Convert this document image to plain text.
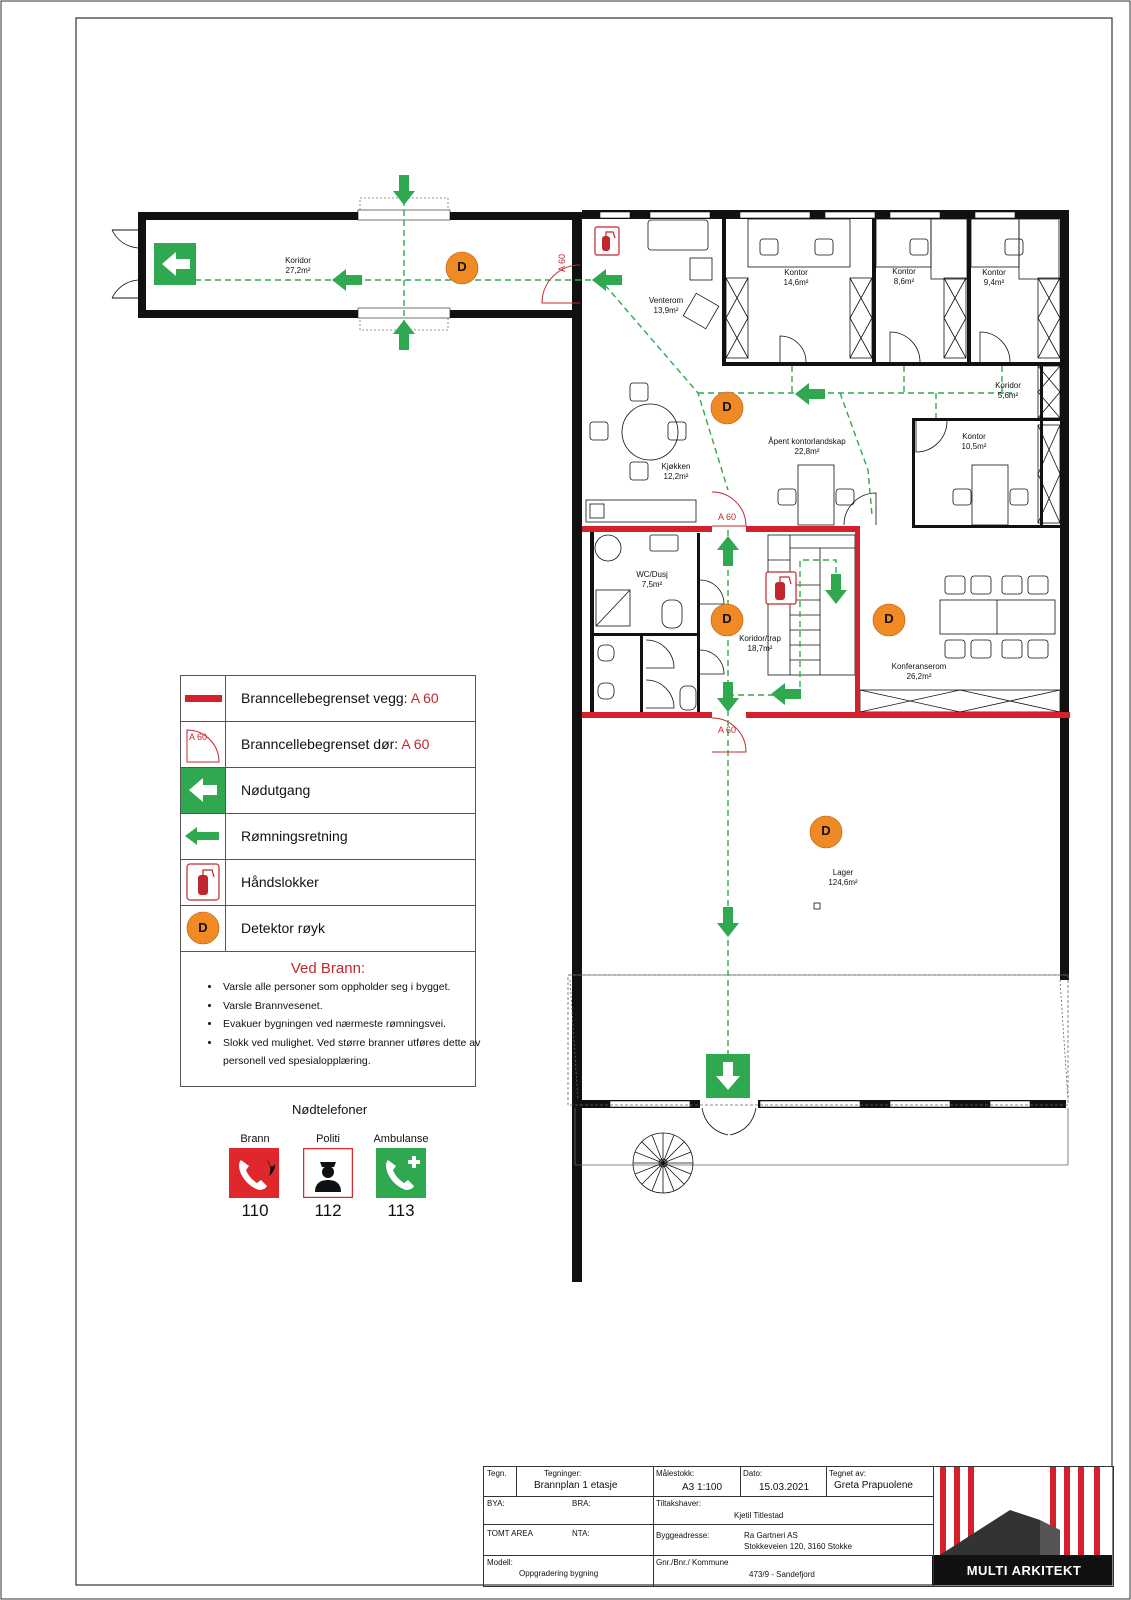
Koridor
27,2m²
Venterom
13,9m²
Kontor
14,6m²
Kontor
8,6m²
Kontor
9,4m²
Koridor
5,6m²
Åpent kontorlandskap
22,8m²
Kontor
10,5m²
Kjøkken
12,2m²
WC/Dusj
7,5m²
Koridor/trap
18,7m²
Konferanserom
26,2m²
Lager
124,6m²
A 60
A 60
A 60
D
D
D	D
D
Branncellebegrenset vegg: A 60
A 60 Branncellebegrenset dør: A 60
Nødutgang
Rømningsretning
Håndslokker
D	Detektor røyk
Ved Brann:
• Varsle alle personer som oppholder seg i bygget.
• Varsle Brannvesenet.
• Evakuer bygningen ved nærmeste rømningsvei.
• Slokk ved mulighet. Ved større branner utføres dette av personell ved spesialopplæring.
Nødtelefoner
Brann	Politi	Ambulanse
110	112	113
Tegn.	Tegninger:
Brannplan 1 etasje
Målestokk:
A3 1:100
Dato:
15.03.2021
Tegnet av:
Greta Prapuolene
BYA:	BRA:	Tiltakshaver:
Kjetil Titlestad
TOMT AREA	NTA:	Byggeadresse:	Ra Gartneri AS
Stokkeveien 120, 3160 Stokke
Modell:
Oppgradering bygning
Gnr./Bnr./ Kommune
473/9 - Sandefjord	MULTI ARKITEKT
